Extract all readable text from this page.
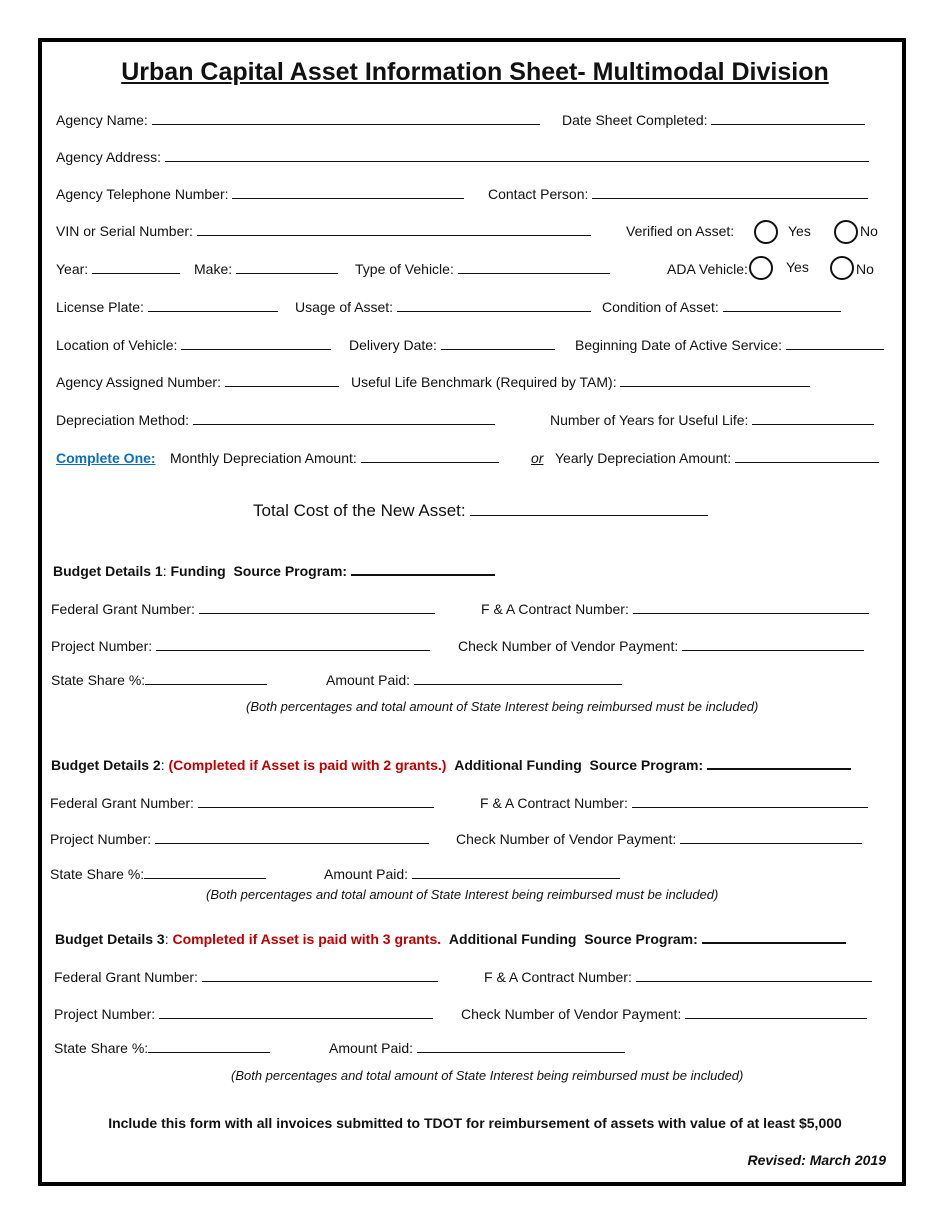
Urban Capital Asset Information Sheet- Multimodal Division
Agency Name:	Date Sheet Completed:
Agency Address:
Agency Telephone Number:	Contact Person:
VIN or Serial Number:	Verified on Asset:	Yes	No
Year:	Make:	Type of Vehicle:	ADA Vehicle:	Yes	No
License Plate:	Usage of Asset:	Condition of Asset:
Location of Vehicle:	Delivery Date:	Beginning Date of Active Service:
Agency Assigned Number:	Useful Life Benchmark (Required by TAM):
Depreciation Method:	Number of Years for Useful Life:
Complete One: Monthly Depreciation Amount:	or Yearly Depreciation Amount:
Total Cost of the New Asset:
Budget Details 1: Funding  Source Program:
Federal Grant Number:	F & A Contract Number:
Project Number:	Check Number of Vendor Payment:
State Share %:	Amount Paid:
(Both percentages and total amount of State Interest being reimbursed must be included)
Budget Details 2: (Completed if Asset is paid with 2 grants.) Additional Funding  Source Program:
Federal Grant Number:	F & A Contract Number:
Project Number:	Check Number of Vendor Payment:
State Share %:	Amount Paid:
(Both percentages and total amount of State Interest being reimbursed must be included)
Budget Details 3: Completed if Asset is paid with 3 grants. Additional Funding  Source Program:
Federal Grant Number:	F & A Contract Number:
Project Number:	Check Number of Vendor Payment:
State Share %:	Amount Paid:
(Both percentages and total amount of State Interest being reimbursed must be included)
Include this form with all invoices submitted to TDOT for reimbursement of assets with value of at least $5,000
Revised: March 2019
